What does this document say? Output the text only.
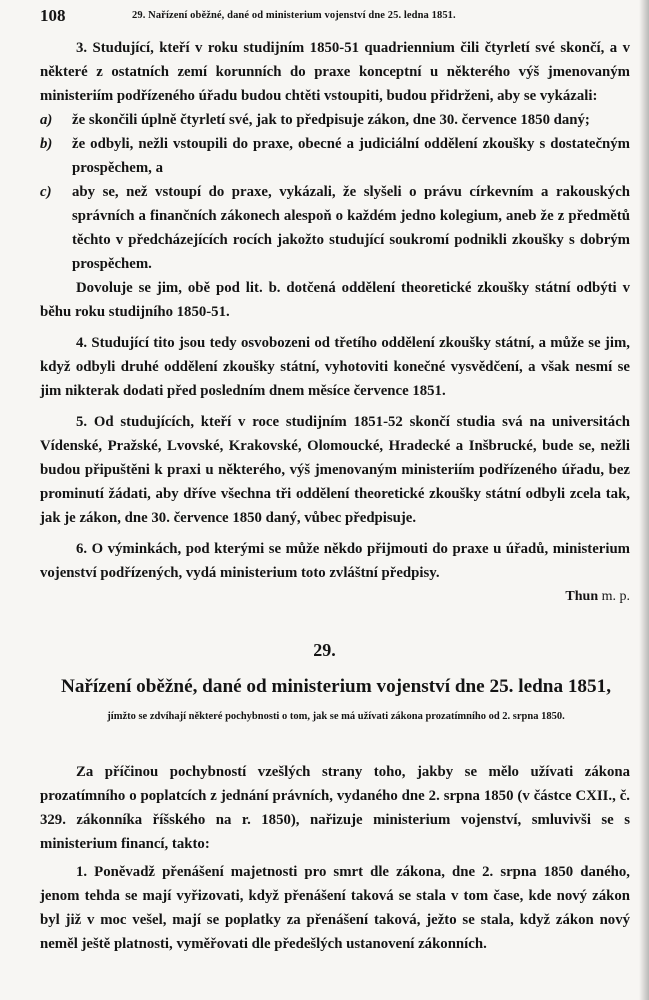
108	29. Nařízení oběžné, dané od ministerium vojenství dne 25. ledna 1851.

3. Studující, kteří v roku studijním 1850-51 quadriennium čili čtyrletí své skončí, a v některé z ostatních zemí korunních do praxe konceptní u některého výš jmenovaným ministeriím podřízeného úřadu budou chtěti vstoupiti, budou přidrženi, aby se vykázali:

a) že skončili úplně čtyrletí své, jak to předpisuje zákon, dne 30. července 1850 daný;
b) že odbyli, nežli vstoupili do praxe, obecné a judiciální oddělení zkoušky s dostatečným prospěchem, a
c) aby se, než vstoupí do praxe, vykázali, že slyšeli o právu církevním a rakouských správních a finančních zákonech alespoň o každém jedno kolegium, aneb že z předmětů těchto v předcházejících rocích jakožto studující soukromí podnikli zkoušky s dobrým prospěchem.

Dovoluje se jim, obě pod lit. b. dotčená oddělení theoretické zkoušky státní odbýti v běhu roku studijního 1850-51.

4. Studující tito jsou tedy osvobozeni od třetího oddělení zkoušky státní, a může se jim, když odbyli druhé oddělení zkoušky státní, vyhotoviti konečné vysvědčení, a však nesmí se jim nikterak dodati před posledním dnem měsíce července 1851.

5. Od studujících, kteří v roce studijním 1851-52 skončí studia svá na universitách Vídenské, Pražské, Lvovské, Krakovské, Olomoucké, Hradecké a Inšbrucké, bude se, nežli budou připuštěni k praxi u některého, výš jmenovaným ministeriím podřízeného úřadu, bez prominutí žádati, aby dříve všechna tři oddělení theoretické zkoušky státní odbyli zcela tak, jak je zákon, dne 30. července 1850 daný, vůbec předpisuje.

6. O výminkách, pod kterými se může někdo přijmouti do praxe u úřadů, ministerium vojenství podřízených, vydá ministerium toto zvláštní předpisy.

Thun m. p.
29.
Nařízení oběžné, dané od ministerium vojenství dne 25. ledna 1851,
jímžto se zdvíhají některé pochybnosti o tom, jak se má užívati zákona prozatímního od 2. srpna 1850.

Za příčinou pochybností vzešlých strany toho, jakby se mělo užívati zákona prozatímního o poplatcích z jednání právních, vydaného dne 2. srpna 1850 (v částce CXII., č. 329. zákonníka říšského na r. 1850), nařizuje ministerium vojenství, smluvivši se s ministerium financí, takto:

1. Poněvadž přenášení majetnosti pro smrt dle zákona, dne 2. srpna 1850 daného, jenom tehda se mají vyřizovati, když přenášení taková se stala v tom čase, kde nový zákon byl již v moc vešel, mají se poplatky za přenášení taková, ježto se stala, když zákon nový neměl ještě platnosti, vyměřovati dle předešlých ustanovení zákonních.
